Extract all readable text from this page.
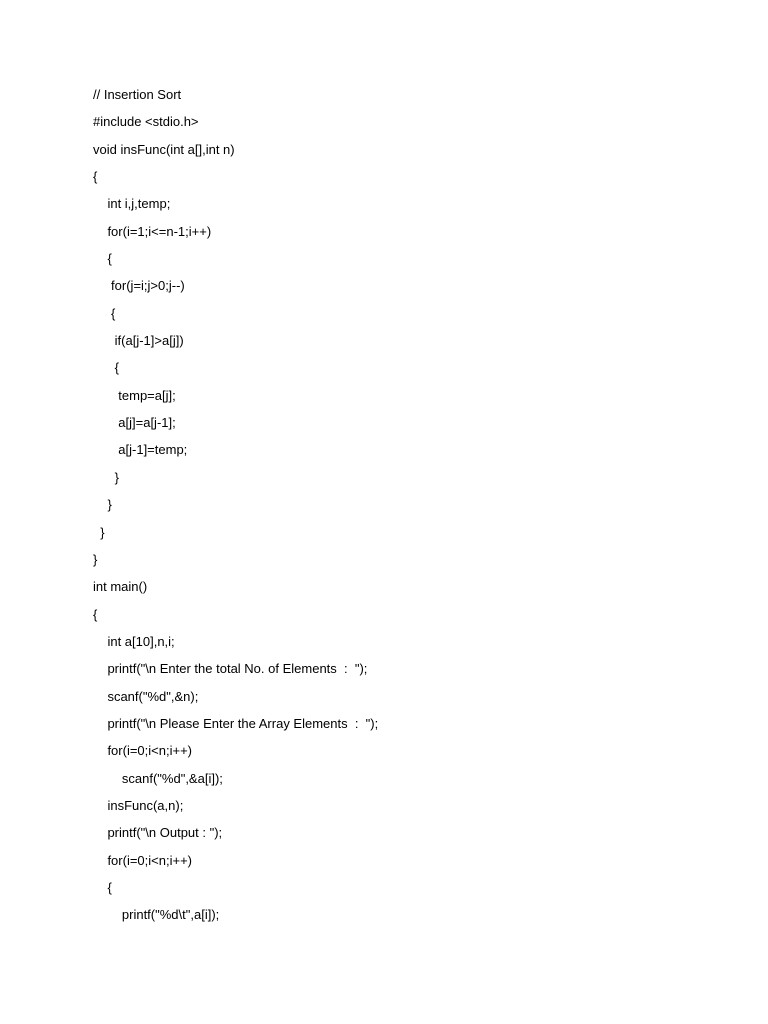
// Insertion Sort
#include <stdio.h>
void insFunc(int a[],int n)
{
int i,j,temp;
for(i=1;i<=n-1;i++)
{
for(j=i;j>0;j--)
{
if(a[j-1]>a[j])
{
temp=a[j];
a[j]=a[j-1];
a[j-1]=temp;
}
}
}
}
int main()
{
int a[10],n,i;
printf("\n Enter the total No. of Elements  :  ");
scanf("%d",&n);
printf("\n Please Enter the Array Elements  :  ");
for(i=0;i<n;i++)
scanf("%d",&a[i]);
insFunc(a,n);
printf("\n Output : ");
for(i=0;i<n;i++)
{
printf("%d\t",a[i]);
